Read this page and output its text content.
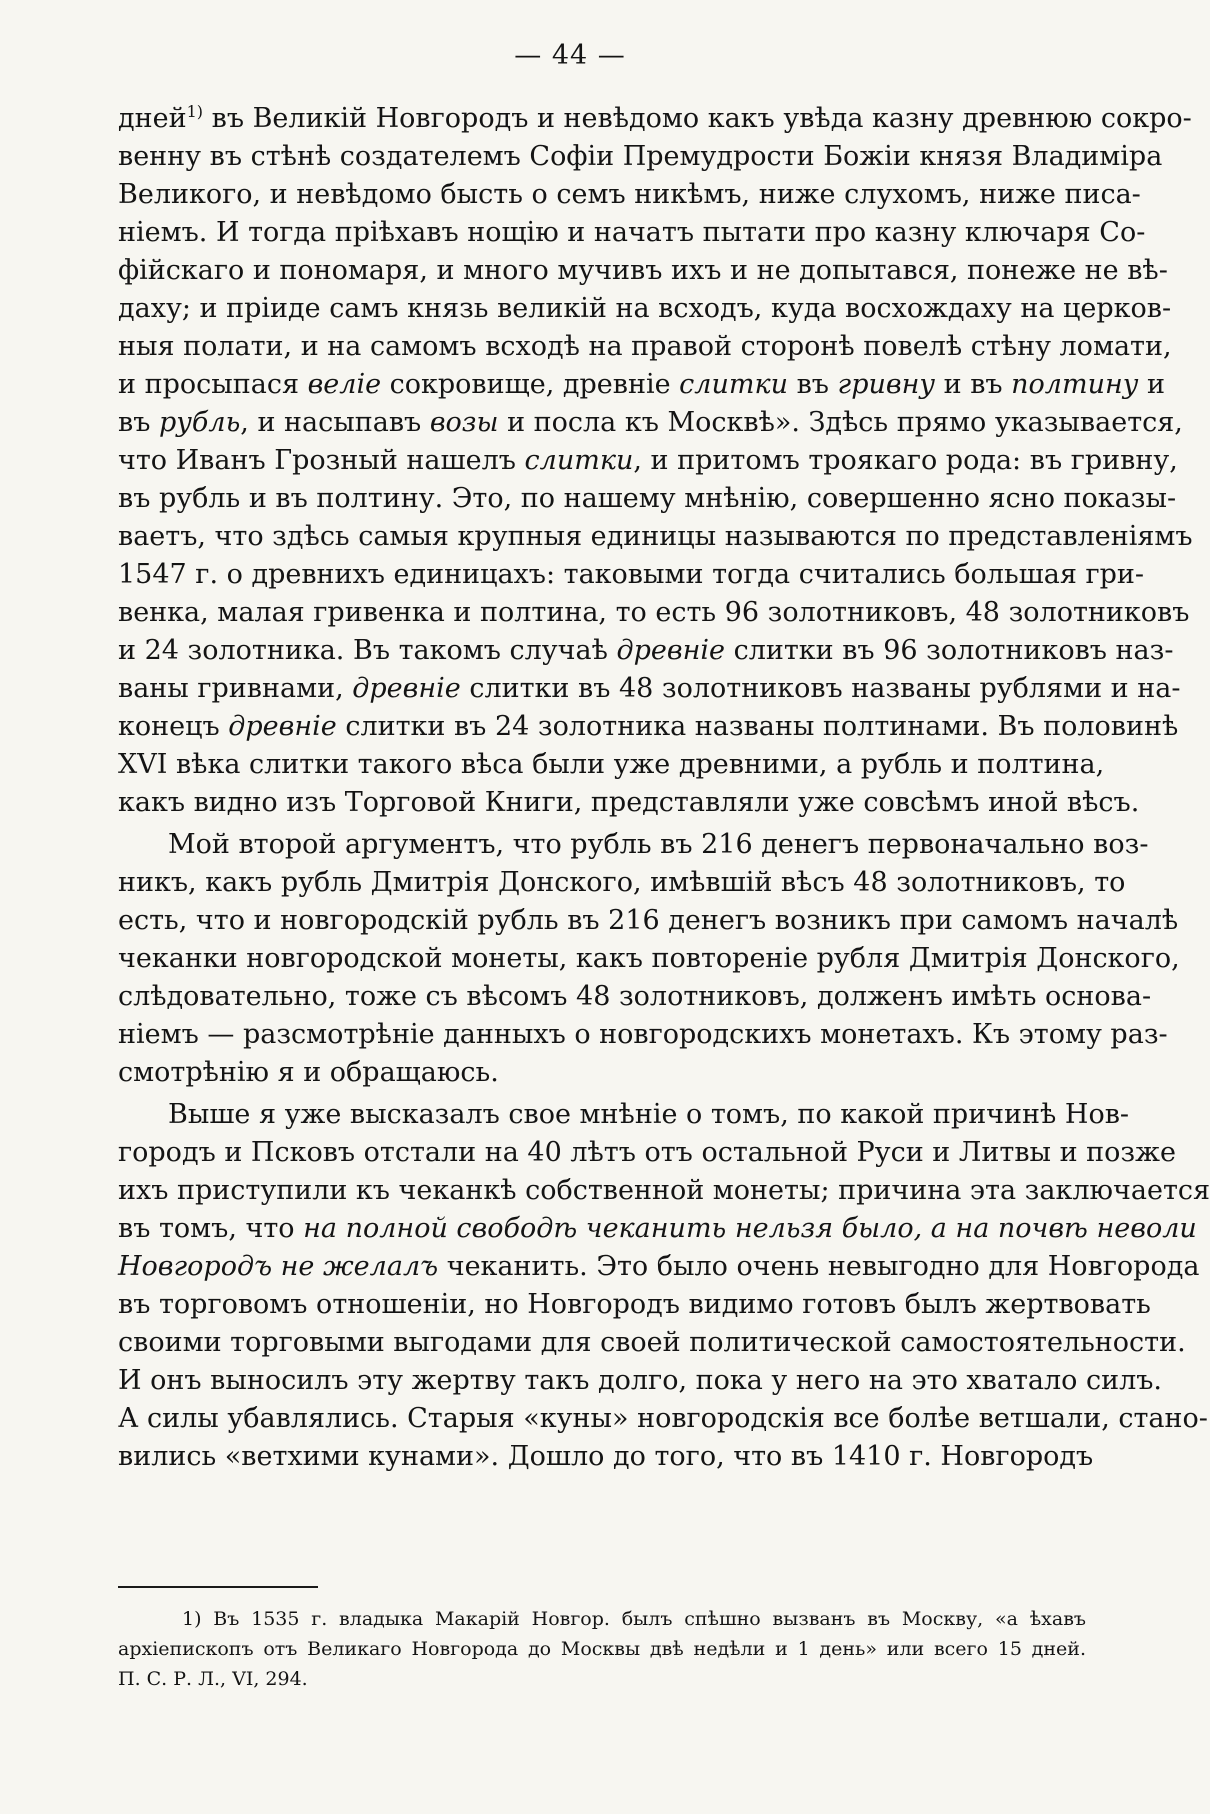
— 44 —
дней$^{1)}$ въ Великій Новгородъ и невѣдомо какъ увѣда казну древнюю сокро-
венну въ стѣнѣ создателемъ Софіи Премудрости Божіи князя Владиміра
Великого, и невѣдомо бысть о семъ никѣмъ, ниже слухомъ, ниже писа-
ніемъ. И тогда пріѣхавъ нощію и начатъ пытати про казну ключаря Со-
фійскаго и пономаря, и много мучивъ ихъ и не допытався, понеже не вѣ-
даху; и пріиде самъ князь великій на всходъ, куда восхождаху на церков-
ныя полати, и на самомъ всходѣ на правой сторонѣ повелѣ стѣну ломати,
и просыпася веліе сокровище, древніе слитки въ гривну и въ полтину и
въ рубль, и насыпавъ возы и посла къ Москвѣ». Здѣсь прямо указывается,
что Иванъ Грозный нашелъ слитки, и притомъ троякаго рода: въ гривну,
въ рубль и въ полтину. Это, по нашему мнѣнію, совершенно ясно показы-
ваетъ, что здѣсь самыя крупныя единицы называются по представленіямъ
1547 г. о древнихъ единицахъ: таковыми тогда считались большая гри-
венка, малая гривенка и полтина, то есть 96 золотниковъ, 48 золотниковъ
и 24 золотника. Въ такомъ случаѣ древніе слитки въ 96 золотниковъ наз-
ваны гривнами, древніе слитки въ 48 золотниковъ названы рублями и на-
конецъ древніе слитки въ 24 золотника названы полтинами. Въ половинѣ
XVI вѣка слитки такого вѣса были уже древними, а рубль и полтина,
какъ видно изъ Торговой Книги, представляли уже совсѣмъ иной вѣсъ.
Мой второй аргументъ, что рубль въ 216 денегъ первоначально воз-
никъ, какъ рубль Дмитрія Донского, имѣвшій вѣсъ 48 золотниковъ, то
есть, что и новгородскій рубль въ 216 денегъ возникъ при самомъ началѣ
чеканки новгородской монеты, какъ повтореніе рубля Дмитрія Донского,
слѣдовательно, тоже съ вѣсомъ 48 золотниковъ, долженъ имѣть основа-
ніемъ — разсмотрѣніе данныхъ о новгородскихъ монетахъ. Къ этому раз-
смотрѣнію я и обращаюсь.
Выше я уже высказалъ свое мнѣніе о томъ, по какой причинѣ Нов-
городъ и Псковъ отстали на 40 лѣтъ отъ остальной Руси и Литвы и позже
ихъ приступили къ чеканкѣ собственной монеты; причина эта заключается
въ томъ, что на полной свободѣ чеканить нельзя было, а на почвѣ неволи
Новгородъ не желалъ чеканить. Это было очень невыгодно для Новгорода
въ торговомъ отношеніи, но Новгородъ видимо готовъ былъ жертвовать
своими торговыми выгодами для своей политической самостоятельности.
И онъ выносилъ эту жертву такъ долго, пока у него на это хватало силъ.
А силы убавлялись. Старыя «куны» новгородскія все болѣе ветшали, стано-
вились «ветхими кунами». Дошло до того, что въ 1410 г. Новгородъ
1) Въ 1535 г. владыка Макарій Новгор. былъ спѣшно вызванъ въ Москву, «а ѣхавъ
архіепископъ отъ Великаго Новгорода до Москвы двѣ недѣли и 1 день» или всего 15 дней.
П. С. Р. Л., VI, 294.
